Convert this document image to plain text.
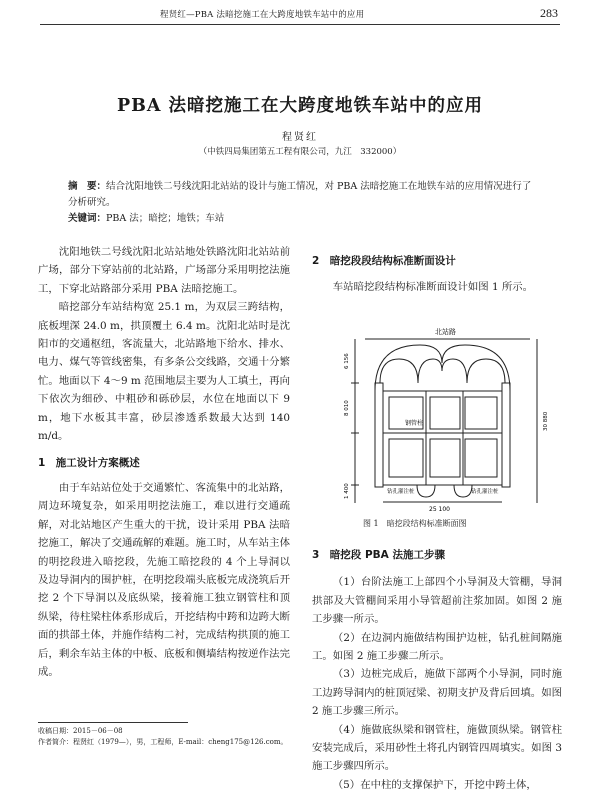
程贤红—PBA 法暗挖施工在大跨度地铁车站中的应用	283
PBA 法暗挖施工在大跨度地铁车站中的应用
程贤红
（中铁四局集团第五工程有限公司，九江　332000）
摘　要：结合沈阳地铁二号线沈阳北站站的设计与施工情况，对 PBA 法暗挖施工在地铁车站的应用情况进行了分析研究。
关键词：PBA 法；暗挖；地铁；车站

沈阳地铁二号线沈阳北站站地处铁路沈阳北站站前广场，部分下穿站前的北站路，广场部分采用明挖法施工，下穿北站路部分采用 PBA 法暗挖施工。

暗挖部分车站结构宽 25.1 m，为双层三跨结构，底板埋深 24.0 m，拱顶覆土 6.4 m。沈阳北站时是沈阳市的交通枢纽，客流量大，北站路地下给水、排水、电力、煤气等管线密集，有多条公交线路，交通十分繁忙。地面以下 4～9 m 范围地层主要为人工填土，再向下依次为细砂、中粗砂和砾砂层，水位在地面以下 9 m，地下水板其丰富，砂层渗透系数最大达到 140 m/d。

1　施工设计方案概述

由于车站站位处于交通繁忙、客流集中的北站路，周边环境复杂，如采用明挖法施工，难以进行交通疏解，对北站地区产生重大的干扰，设计采用 PBA 法暗挖施工，解决了交通疏解的难题。施工时，从车站主体的明挖段进入暗挖段，先施工暗挖段的 4 个上导洞以及边导洞内的围护桩，在明挖段端头底板完成浇筑后开挖 2 个下导洞以及底纵梁，接着施工独立钢管柱和顶纵梁，待柱梁柱体系形成后，开挖结构中跨和边跨大断面的拱部土体，并施作结构二衬，完成结构拱顶的施工后，剩余车站主体的中板、底板和侧墙结构按逆作法完成。

2　暗挖段段结构标准断面设计

车站暗挖段结构标准断面设计如图 1 所示。

北站路
钢管柱
钻孔灌注桩	钻孔灌注桩
25 100
6 156
8 010
1 400
30 880
图 1　暗挖段结构标准断面图
3　暗挖段 PBA 法施工步骤

（1）台阶法施工上部四个小导洞及大管棚，导洞拱部及大管棚间采用小导管超前注浆加固。如图 2 施工步骤一所示。

（2）在边洞内施做结构围护边桩，钻孔桩间隔施工。如图 2 施工步骤二所示。

（3）边桩完成后，施做下部两个小导洞，同时施工边跨导洞内的桩顶冠梁、初期支护及背后回填。如图 2 施工步骤三所示。

（4）施做底纵梁和钢管柱，施做顶纵梁。钢管柱安装完成后，采用砂性土将孔内钢管四周填实。如图 3 施工步骤四所示。

（5）在中柱的支撑保护下，开挖中跨土体，

收稿日期：2015－06－08
作者简介：程贤红（1979—），男，工程师，E-mail：cheng175@126.com。
